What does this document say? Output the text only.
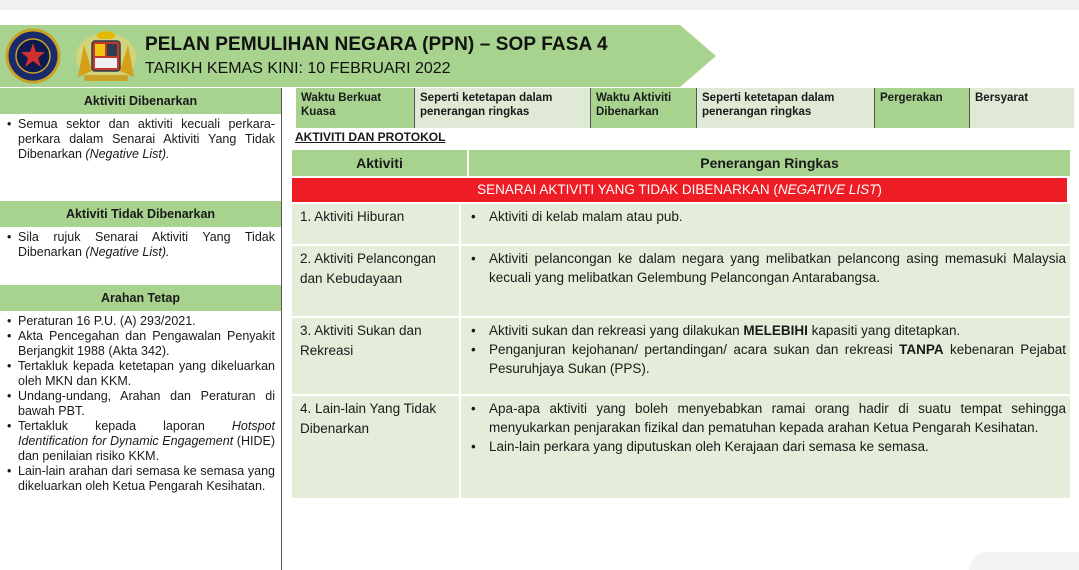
PELAN PEMULIHAN NEGARA (PPN) – SOP FASA 4
TARIKH KEMAS KINI: 10 FEBRUARI 2022
Aktiviti Dibenarkan
• Semua sektor dan aktiviti kecuali perkara-perkara dalam Senarai Aktiviti Yang Tidak Dibenarkan (Negative List).
Aktiviti Tidak Dibenarkan
• Sila rujuk Senarai Aktiviti Yang Tidak Dibenarkan (Negative List).
Arahan Tetap
• Peraturan 16 P.U. (A) 293/2021.
• Akta Pencegahan dan Pengawalan Penyakit Berjangkit 1988 (Akta 342).
• Tertakluk kepada ketetapan yang dikeluarkan oleh MKN dan KKM.
• Undang-undang, Arahan dan Peraturan di bawah PBT.
• Tertakluk kepada laporan Hotspot Identification for Dynamic Engagement (HIDE) dan penilaian risiko KKM.
• Lain-lain arahan dari semasa ke semasa yang dikeluarkan oleh Ketua Pengarah Kesihatan.
Waktu Berkuat Kuasa
Seperti ketetapan dalam penerangan ringkas
Waktu Aktiviti Dibenarkan
Seperti ketetapan dalam penerangan ringkas
Pergerakan	Bersyarat
AKTIVITI DAN PROTOKOL
Aktiviti	Penerangan Ringkas
SENARAI AKTIVITI YANG TIDAK DIBENARKAN (NEGATIVE LIST)
1. Aktiviti Hiburan
•	Aktiviti di kelab malam atau pub.
2. Aktiviti Pelancongan dan Kebudayaan
• Aktiviti pelancongan ke dalam negara yang melibatkan pelancong asing memasuki Malaysia kecuali yang melibatkan Gelembung Pelancongan Antarabangsa.
3. Aktiviti Sukan dan Rekreasi
• Aktiviti sukan dan rekreasi yang dilakukan MELEBIHI kapasiti yang ditetapkan.
• Penganjuran kejohanan/ pertandingan/ acara sukan dan rekreasi TANPA kebenaran Pejabat Pesuruhjaya Sukan (PPS).
4. Lain-lain Yang Tidak Dibenarkan
• Apa-apa aktiviti yang boleh menyebabkan ramai orang hadir di suatu tempat sehingga menyukarkan penjarakan fizikal dan pematuhan kepada arahan Ketua Pengarah Kesihatan.
• Lain-lain perkara yang diputuskan oleh Kerajaan dari semasa ke semasa.
